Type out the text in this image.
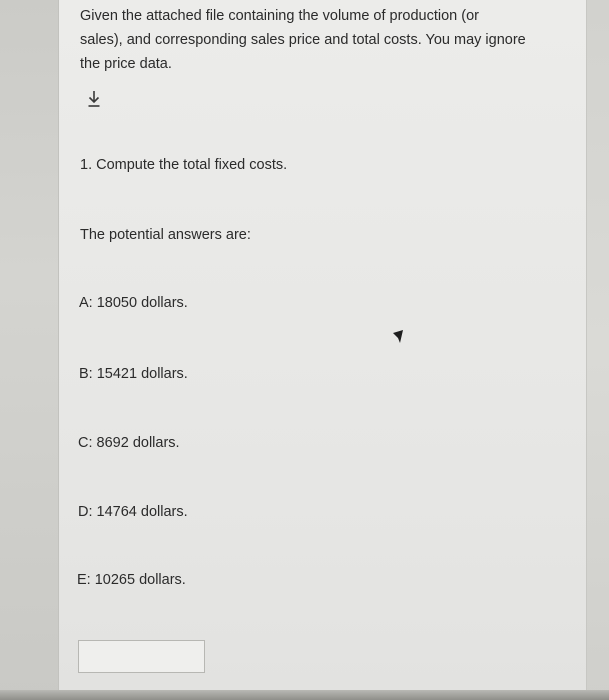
Given the attached file containing the volume of production (or
sales), and corresponding sales price and total costs. You may ignore
the price data.
1. Compute the total fixed costs.
The potential answers are:
A: 18050 dollars.
B: 15421 dollars.
C: 8692 dollars.
D: 14764 dollars.
E: 10265 dollars.
